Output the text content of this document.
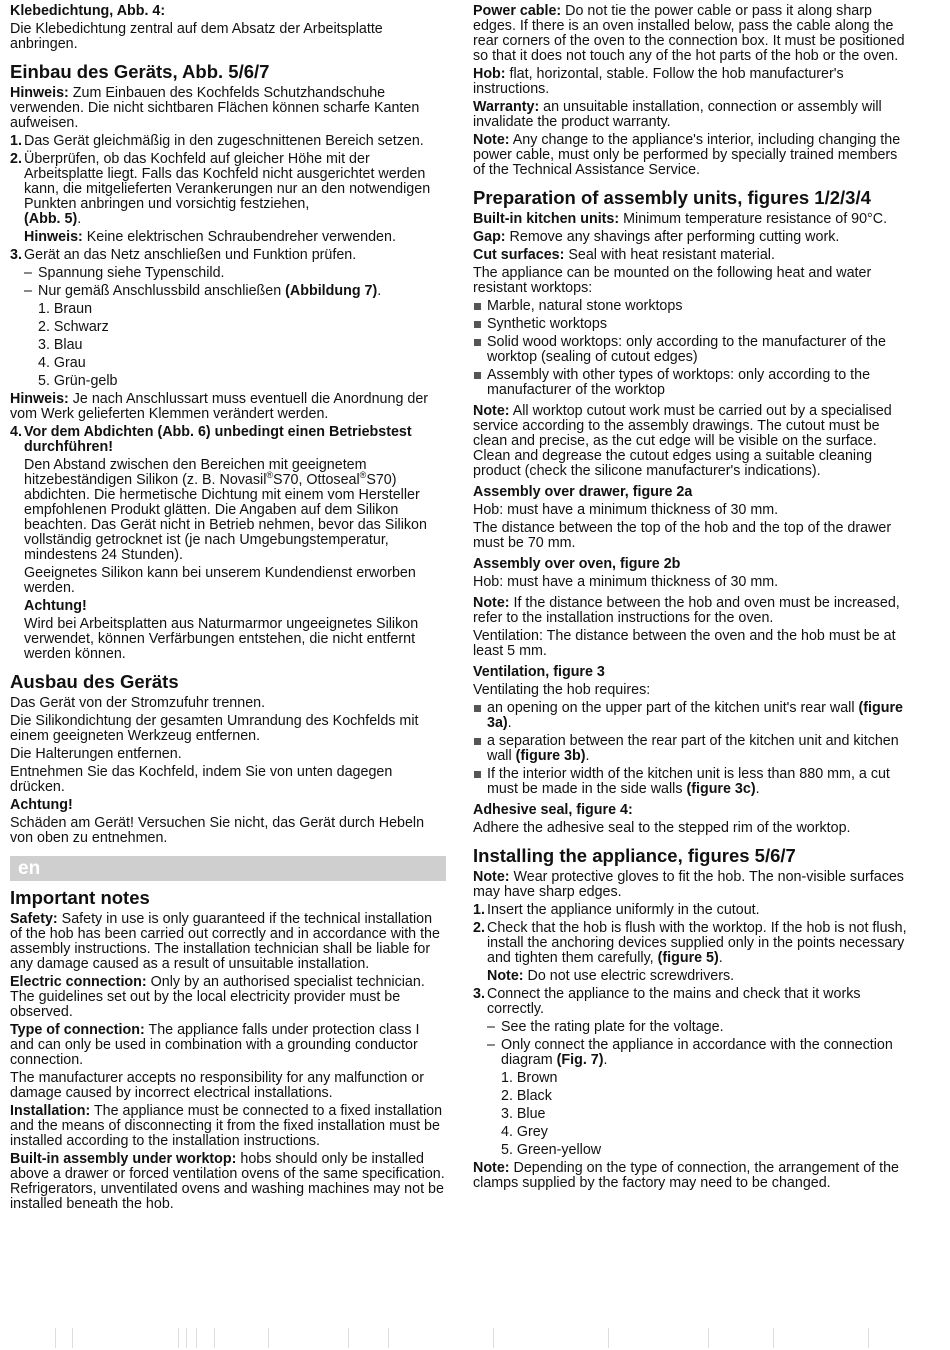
Klebedichtung, Abb. 4:

Die Klebedichtung zentral auf dem Absatz der Arbeitsplatte anbringen.

Einbau des Geräts, Abb. 5/6/7

Hinweis: Zum Einbauen des Kochfelds Schutzhandschuhe verwenden. Die nicht sichtbaren Flächen können scharfe Kanten aufweisen.

1. Das Gerät gleichmäßig in den zugeschnittenen Bereich setzen.
2. Überprüfen, ob das Kochfeld auf gleicher Höhe mit der Arbeitsplatte liegt. Falls das Kochfeld nicht ausgerichtet werden kann, die mitgelieferten Verankerungen nur an den notwendigen Punkten anbringen und vorsichtig festziehen,
(Abb. 5).

Hinweis: Keine elektrischen Schraubendreher verwenden.

3. Gerät an das Netz anschließen und Funktion prüfen.
– Spannung siehe Typenschild.
– Nur gemäß Anschlussbild anschließen (Abbildung 7).
1. Braun
2. Schwarz
3. Blau
4. Grau
5. Grün-gelb

Hinweis: Je nach Anschlussart muss eventuell die Anordnung der vom Werk gelieferten Klemmen verändert werden.

4. Vor dem Abdichten (Abb. 6) unbedingt einen Betriebstest durchführen!

Den Abstand zwischen den Bereichen mit geeignetem hitzebeständigen Silikon (z. B. Novasil®S70, Ottoseal®S70) abdichten. Die hermetische Dichtung mit einem vom Hersteller empfohlenen Produkt glätten. Die Angaben auf dem Silikon beachten. Das Gerät nicht in Betrieb nehmen, bevor das Silikon vollständig getrocknet ist (je nach Umgebungstemperatur, mindestens 24 Stunden).

Geeignetes Silikon kann bei unserem Kundendienst erworben werden.

Achtung!

Wird bei Arbeitsplatten aus Naturmarmor ungeeignetes Silikon verwendet, können Verfärbungen entstehen, die nicht entfernt werden können.

Ausbau des Geräts

Das Gerät von der Stromzufuhr trennen.

Die Silikondichtung der gesamten Umrandung des Kochfelds mit einem geeigneten Werkzeug entfernen.

Die Halterungen entfernen.

Entnehmen Sie das Kochfeld, indem Sie von unten dagegen drücken.

Achtung!

Schäden am Gerät! Versuchen Sie nicht, das Gerät durch Hebeln von oben zu entnehmen.

en
Important notes

Safety: Safety in use is only guaranteed if the technical installation of the hob has been carried out correctly and in accordance with the assembly instructions. The installation technician shall be liable for any damage caused as a result of unsuitable installation.

Electric connection: Only by an authorised specialist technician. The guidelines set out by the local electricity provider must be observed.

Type of connection: The appliance falls under protection class I and can only be used in combination with a grounding conductor connection.

The manufacturer accepts no responsibility for any malfunction or damage caused by incorrect electrical installations.

Installation: The appliance must be connected to a fixed installation and the means of disconnecting it from the fixed installation must be installed according to the installation instructions.

Built-in assembly under worktop: hobs should only be installed above a drawer or forced ventilation ovens of the same specification. Refrigerators, unventilated ovens and washing machines may not be installed beneath the hob.

Power cable: Do not tie the power cable or pass it along sharp edges. If there is an oven installed below, pass the cable along the rear corners of the oven to the connection box. It must be positioned so that it does not touch any of the hot parts of the hob or the oven.

Hob: flat, horizontal, stable. Follow the hob manufacturer's instructions.

Warranty: an unsuitable installation, connection or assembly will invalidate the product warranty.

Note: Any change to the appliance's interior, including changing the power cable, must only be performed by specially trained members of the Technical Assistance Service.

Preparation of assembly units, figures 1/2/3/4

Built-in kitchen units: Minimum temperature resistance of 90°C.

Gap: Remove any shavings after performing cutting work.

Cut surfaces: Seal with heat resistant material.

The appliance can be mounted on the following heat and water resistant worktops:

Marble, natural stone worktops
Synthetic worktops
Solid wood worktops: only according to the manufacturer of the worktop (sealing of cutout edges)
Assembly with other types of worktops: only according to the manufacturer of the worktop

Note: All worktop cutout work must be carried out by a specialised service according to the assembly drawings. The cutout must be clean and precise, as the cut edge will be visible on the surface. Clean and degrease the cutout edges using a suitable cleaning product (check the silicone manufacturer's indications).

Assembly over drawer, figure 2a

Hob: must have a minimum thickness of 30 mm.

The distance between the top of the hob and the top of the drawer must be 70 mm.

Assembly over oven, figure 2b

Hob: must have a minimum thickness of 30 mm.

Note: If the distance between the hob and oven must be increased, refer to the installation instructions for the oven.

Ventilation: The distance between the oven and the hob must be at least 5 mm.

Ventilation, figure 3

Ventilating the hob requires:

an opening on the upper part of the kitchen unit's rear wall (figure 3a).
a separation between the rear part of the kitchen unit and kitchen wall (figure 3b).
If the interior width of the kitchen unit is less than 880 mm, a cut must be made in the side walls (figure 3c).

Adhesive seal, figure 4:

Adhere the adhesive seal to the stepped rim of the worktop.

Installing the appliance, figures 5/6/7

Note: Wear protective gloves to fit the hob. The non-visible surfaces may have sharp edges.

1. Insert the appliance uniformly in the cutout.
2. Check that the hob is flush with the worktop. If the hob is not flush, install the anchoring devices supplied only in the points necessary and tighten them carefully, (figure 5).

Note: Do not use electric screwdrivers.

3. Connect the appliance to the mains and check that it works correctly.
– See the rating plate for the voltage.
– Only connect the appliance in accordance with the connection diagram (Fig. 7).
1. Brown
2. Black
3. Blue
4. Grey
5. Green-yellow

Note: Depending on the type of connection, the arrangement of the clamps supplied by the factory may need to be changed.
